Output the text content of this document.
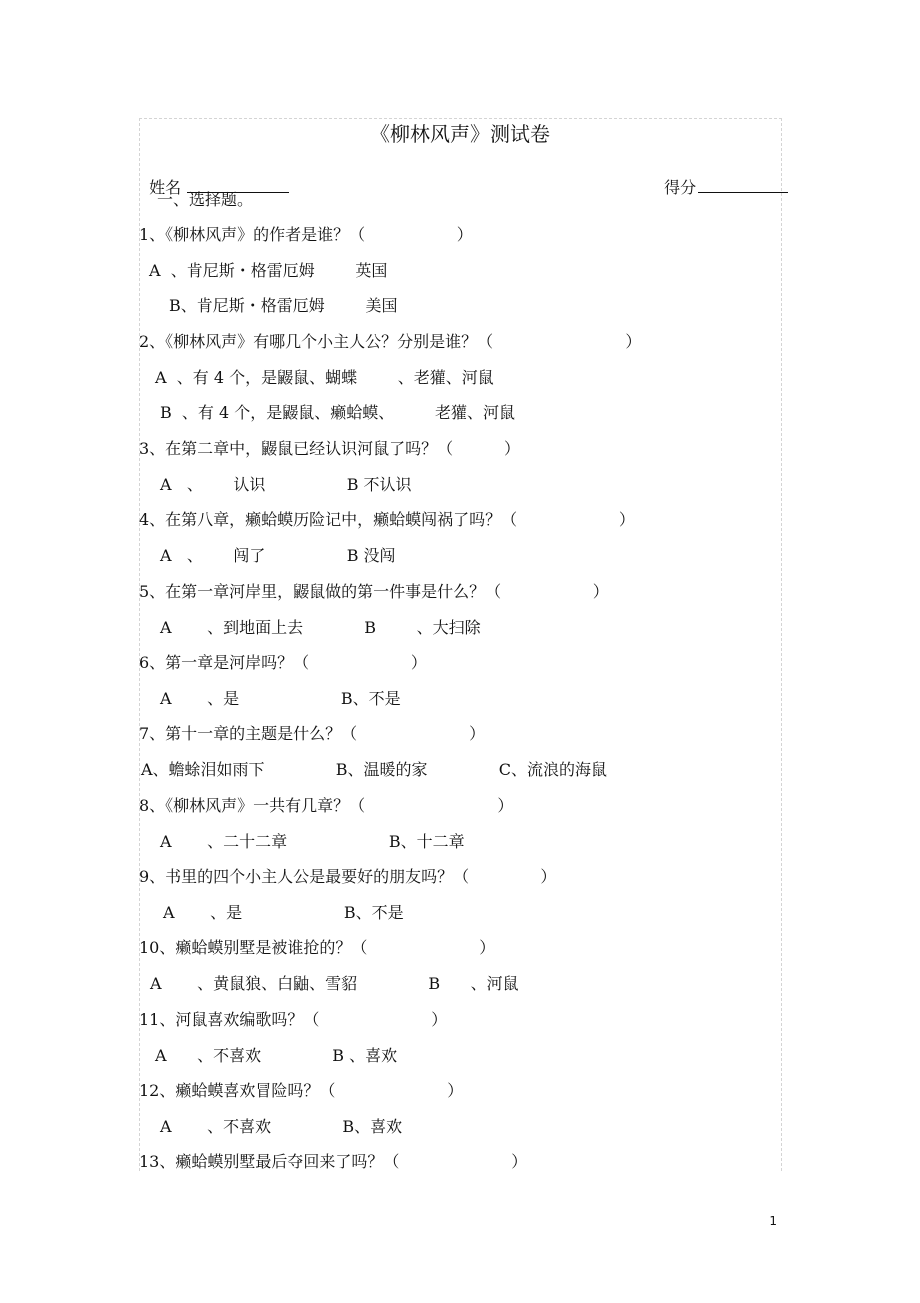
《柳林风声》测试卷

姓名	得分

一、选择题。
1、《柳林风声》的作者是谁？（                  ）
A  、肯尼斯・格雷厄姆        英国
B、肯尼斯・格雷厄姆        美国
2、《柳林风声》有哪几个小主人公？分别是谁？（                          ）
A  、有 4 个，是鼹鼠、蝴蝶        、老獾、河鼠
B  、有 4 个，是鼹鼠、癞蛤蟆、        老獾、河鼠
3、在第二章中，鼹鼠已经认识河鼠了吗？（          ）
A   、      认识                B 不认识
4、在第八章，癞蛤蟆历险记中，癞蛤蟆闯祸了吗？（                    ）
A   、      闯了                B 没闯
5、在第一章河岸里，鼹鼠做的第一件事是什么？（                  ）
A       、到地面上去            B        、大扫除
6、第一章是河岸吗？（                    ）
A       、是                    B、不是
7、第十一章的主题是什么？（                      ）
A、蟾蜍泪如雨下              B、温暖的家              C、流浪的海鼠
8、《柳林风声》一共有几章？（                          ）
A       、二十二章                    B、十二章
9、书里的四个小主人公是最要好的朋友吗？（              ）
A       、是                    B、不是
10、癞蛤蟆别墅是被谁抢的？（                      ）
A       、黄鼠狼、白鼬、雪貂              B      、河鼠
11、河鼠喜欢编歌吗？（                      ）
A      、不喜欢              B 、喜欢
12、癞蛤蟆喜欢冒险吗？（                      ）
A       、不喜欢              B、喜欢
13、癞蛤蟆别墅最后夺回来了吗？（                      ）
1
